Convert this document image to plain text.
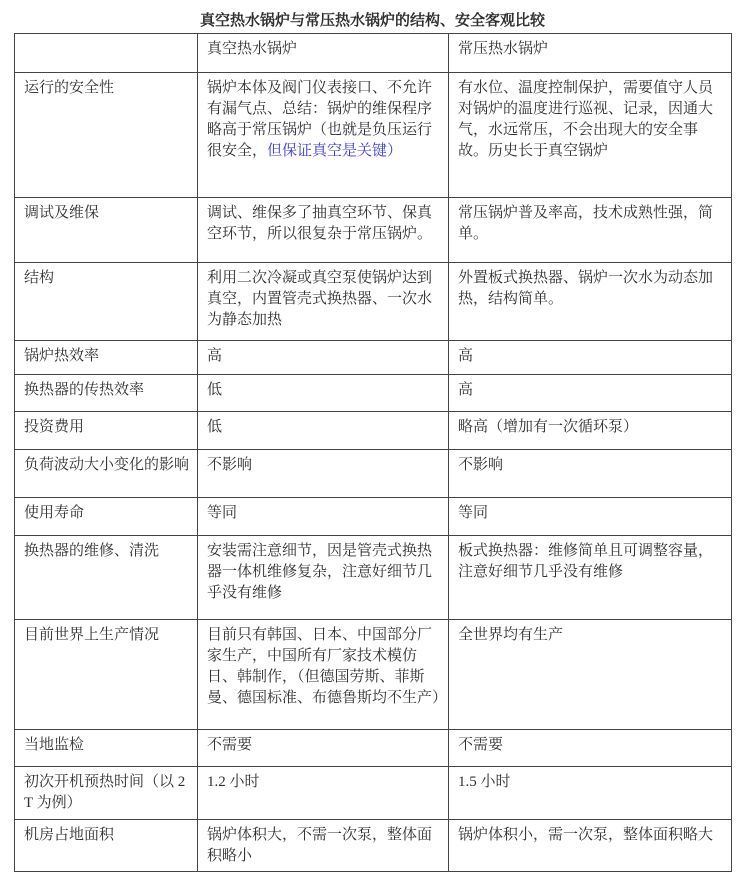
真空热水锅炉与常压热水锅炉的结构、安全客观比较
	真空热水锅炉	常压热水锅炉
运行的安全性	锅炉本体及阀门仪表接口、不允许有漏气点、总结：锅炉的维保程序略高于常压锅炉（也就是负压运行很安全，但保证真空是关键）	有水位、温度控制保护，需要值守人员对锅炉的温度进行巡视、记录，因通大气，水远常压，不会出现大的安全事故。历史长于真空锅炉
调试及维保	调试、维保多了抽真空环节、保真空环节，所以很复杂于常压锅炉。	常压锅炉普及率高，技术成熟性强，简单。
结构	利用二次冷凝或真空泵使锅炉达到真空，内置管壳式换热器、一次水为静态加热	外置板式换热器、锅炉一次水为动态加热，结构简单。
锅炉热效率	高	高
换热器的传热效率	低	高
投资费用	低	略高（增加有一次循环泵）
负荷波动大小变化的影响	不影响	不影响
使用寿命	等同	等同
换热器的维修、清洗	安装需注意细节，因是管壳式换热器一体机维修复杂，注意好细节几乎没有维修	板式换热器：维修简单且可调整容量，注意好细节几乎没有维修
目前世界上生产情况	目前只有韩国、日本、中国部分厂家生产，中国所有厂家技术模仿日、韩制作，（但德国劳斯、菲斯曼、德国标准、布德鲁斯均不生产）	全世界均有生产
当地监检	不需要	不需要
初次开机预热时间（以 2T 为例）	1.2 小时	1.5 小时
机房占地面积	锅炉体积大，不需一次泵，整体面积略小	锅炉体积小，需一次泵，整体面积略大
